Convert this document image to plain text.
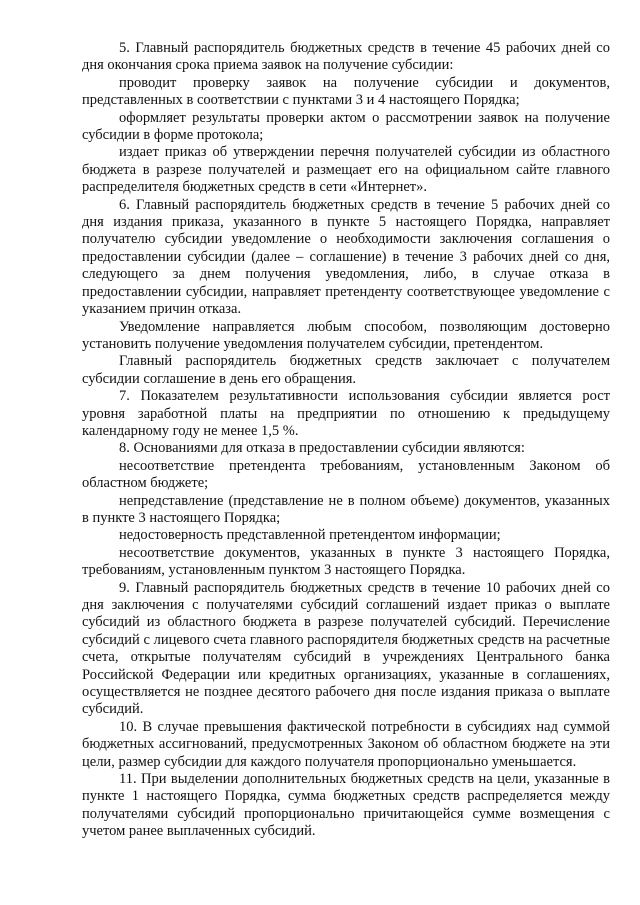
5. Главный распорядитель бюджетных средств в течение 45 рабочих дней со дня окончания срока приема заявок на получение субсидии:

проводит проверку заявок на получение субсидии и документов, представленных в соответствии с пунктами 3 и 4 настоящего Порядка;

оформляет результаты проверки актом о рассмотрении заявок на получение субсидии в форме протокола;

издает приказ об утверждении перечня получателей субсидии из областного бюджета в разрезе получателей и размещает его на официальном сайте главного распределителя бюджетных средств в сети «Интернет».

6. Главный распорядитель бюджетных средств в течение 5 рабочих дней со дня издания приказа, указанного в пункте 5 настоящего Порядка, направляет получателю субсидии уведомление о необходимости заключения соглашения о предоставлении субсидии (далее – соглашение) в течение 3 рабочих дней со дня, следующего за днем получения уведомления, либо, в случае отказа в предоставлении субсидии, направляет претенденту соответствующее уведомление с указанием причин отказа.

Уведомление направляется любым способом, позволяющим достоверно установить получение уведомления получателем субсидии, претендентом.

Главный распорядитель бюджетных средств заключает с получателем субсидии соглашение в день его обращения.

7. Показателем результативности использования субсидии является рост уровня заработной платы на предприятии по отношению к предыдущему календарному году не менее 1,5 %.

8. Основаниями для отказа в предоставлении субсидии являются:

несоответствие претендента требованиям, установленным Законом об областном бюджете;

непредставление (представление не в полном объеме) документов, указанных в пункте 3 настоящего Порядка;

недостоверность представленной претендентом информации;

несоответствие документов, указанных в пункте 3 настоящего Порядка, требованиям, установленным пунктом 3 настоящего Порядка.

9. Главный распорядитель бюджетных средств в течение 10 рабочих дней со дня заключения с получателями субсидий соглашений издает приказ о выплате субсидий из областного бюджета в разрезе получателей субсидий. Перечисление субсидий с лицевого счета главного распорядителя бюджетных средств на расчетные счета, открытые получателям субсидий в учреждениях Центрального банка Российской Федерации или кредитных организациях, указанные в соглашениях, осуществляется не позднее десятого рабочего дня после издания приказа о выплате субсидий.

10. В случае превышения фактической потребности в субсидиях над суммой бюджетных ассигнований, предусмотренных Законом об областном бюджете на эти цели, размер субсидии для каждого получателя пропорционально уменьшается.

11. При выделении дополнительных бюджетных средств на цели, указанные в пункте 1 настоящего Порядка, сумма бюджетных средств распределяется между получателями субсидий пропорционально причитающейся сумме возмещения с учетом ранее выплаченных субсидий.
